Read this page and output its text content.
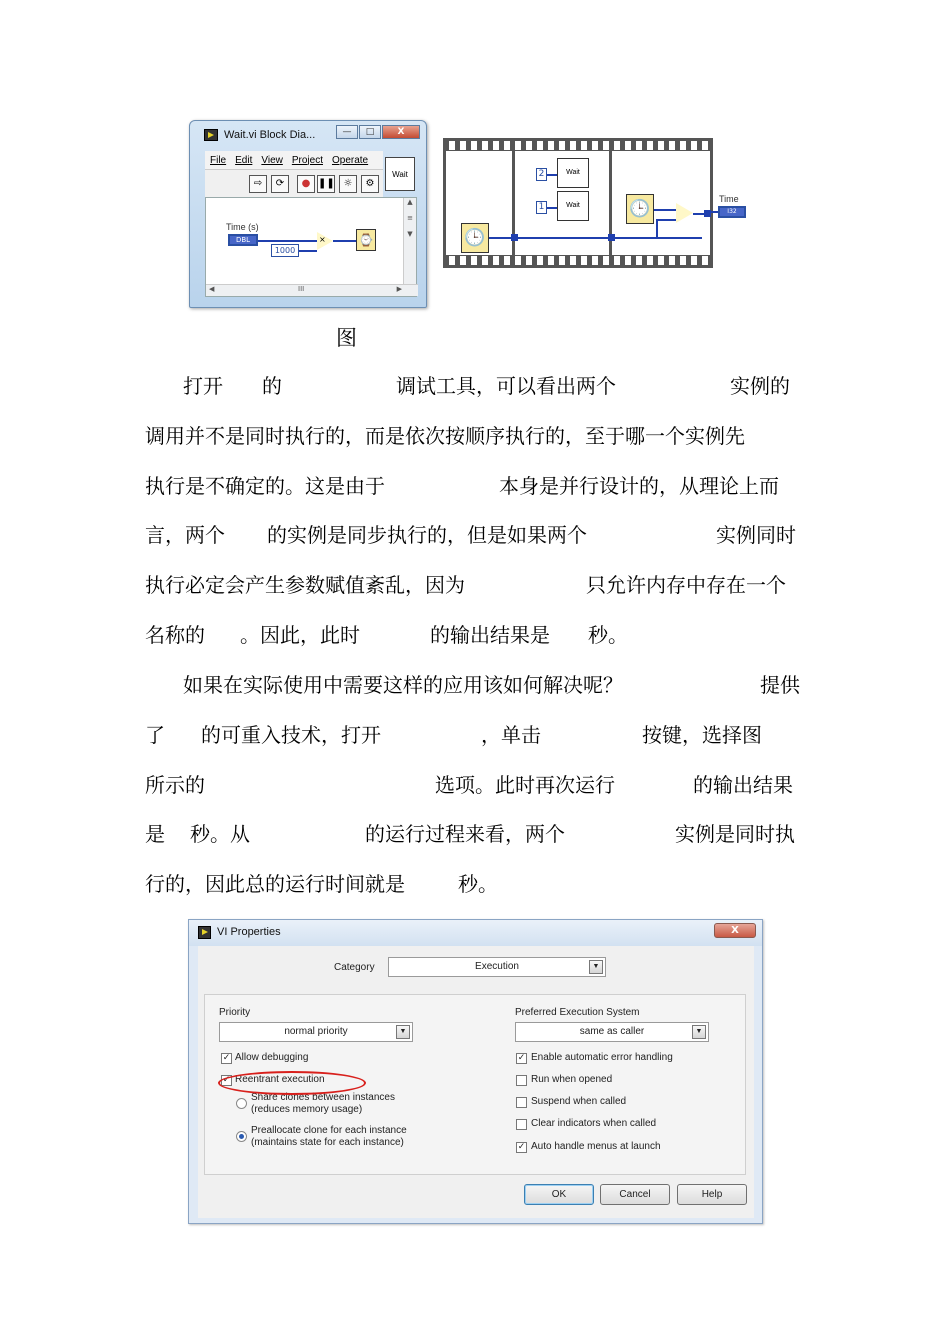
Wait.vi Block Dia...	—	□	X
File Edit View Project Operate
⇨	⟳	● ❚❚ ☼	⚙
Wait
Time (s)
DBL
1000
×	⌚
▲

≡

▼
◀	III	▶
🕒
2	Wait
1	Wait	🕒	Time
I32
图
打开 的	调试工具，可以看出两个	实例的
调用并不是同时执行的，而是依次按顺序执行的，至于哪一个实例先
执行是不确定的。这是由于	本身是并行设计的，从理论上而
言，两个 的实例是同步执行的，但是如果两个	实例同时
执行必定会产生参数赋值紊乱，因为	只允许内存中存在一个
名称的 。因此，此时	的输出结果是 秒。
如果在实际使用中需要这样的应用该如何解决呢？	提供
了 的可重入技术，打开	，单击	按键，选择图
所示的	选项。此时再次运行	的输出结果
是 秒。从	的运行过程来看，两个	实例是同时执
行的，因此总的运行时间就是	秒。
VI Properties	X
Category	Execution	▼
Priority
normal priority	▼
✓ Allow debugging
✓ Reentrant execution
Share clones between instances
(reduces memory usage)
Preallocate clone for each instance
(maintains state for each instance)
Preferred Execution System
same as caller	▼
✓ Enable automatic error handling
Run when opened
Suspend when called
Clear indicators when called
✓ Auto handle menus at launch
OK	Cancel	Help
